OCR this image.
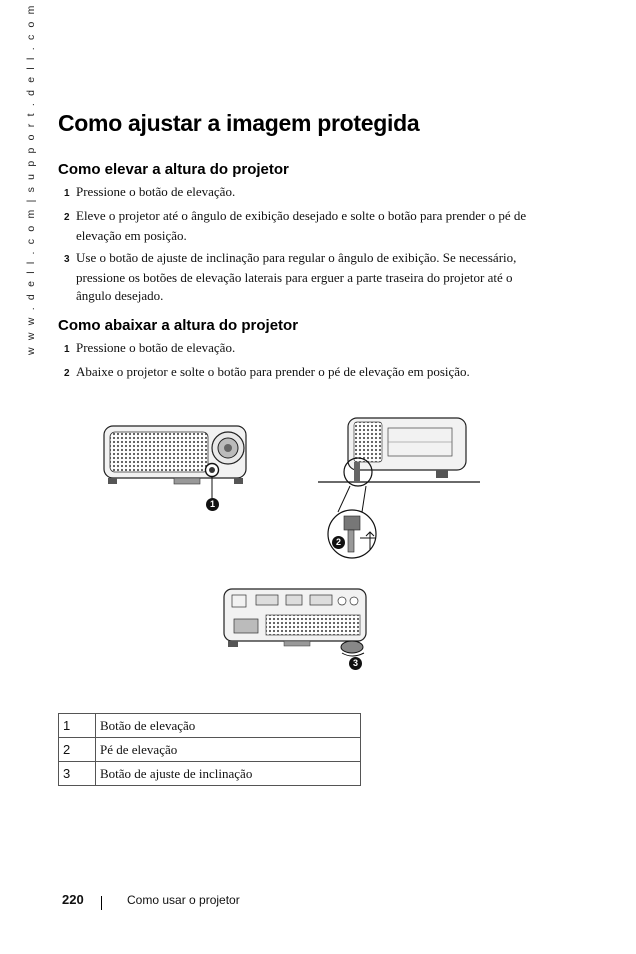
w w w . d e l l . c o m | s u p p o r t . d e l l . c o m Como ajustar a imagem protegida
Como elevar a altura do projetor
1 Pressione o botão de elevação.
2 Eleve o projetor até o ângulo de exibição desejado e solte o botão para prender o pé de elevação em posição.
3 Use o botão de ajuste de inclinação para regular o ângulo de exibição. Se necessário, pressione os botões de elevação laterais para erguer a parte traseira do projetor até o ângulo desejado.
Como abaixar a altura do projetor
1 Pressione o botão de elevação.
2 Abaixe o projetor e solte o botão para prender o pé de elevação em posição.
1
2
3
1	Botão de elevação
2	Pé de elevação
3	Botão de ajuste de inclinação
220	Como usar o projetor
